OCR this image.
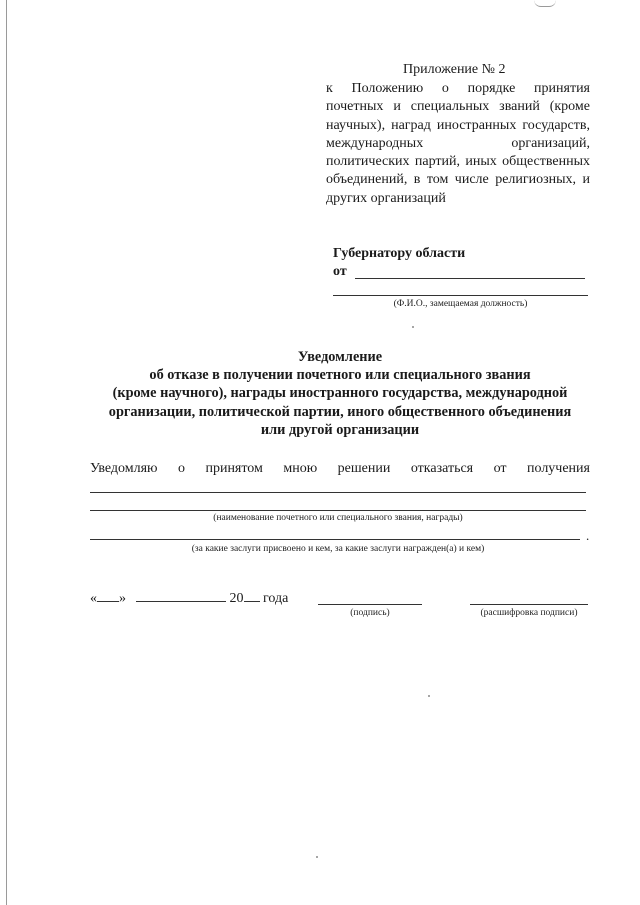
Приложение № 2
к Положению о порядке принятия почетных и специальных званий (кроме научных), наград иностранных государств, международных организаций, политических партий, иных общественных объединений, в том числе религиозных, и других организаций
Губернатору области
от
(Ф.И.О., замещаемая должность)
Уведомление
об отказе в получении почетного или специального звания
(кроме научного), награды иностранного государства, международной
организации, политической партии, иного общественного объединения
или другой организации
Уведомляю о принятом мною решении отказаться от получения
(наименование почетного или специального звания, награды)
.
(за какие заслуги присвоено и кем, за какие заслуги награжден(а) и кем)
« »	20 года
(подпись)	(расшифровка подписи)
